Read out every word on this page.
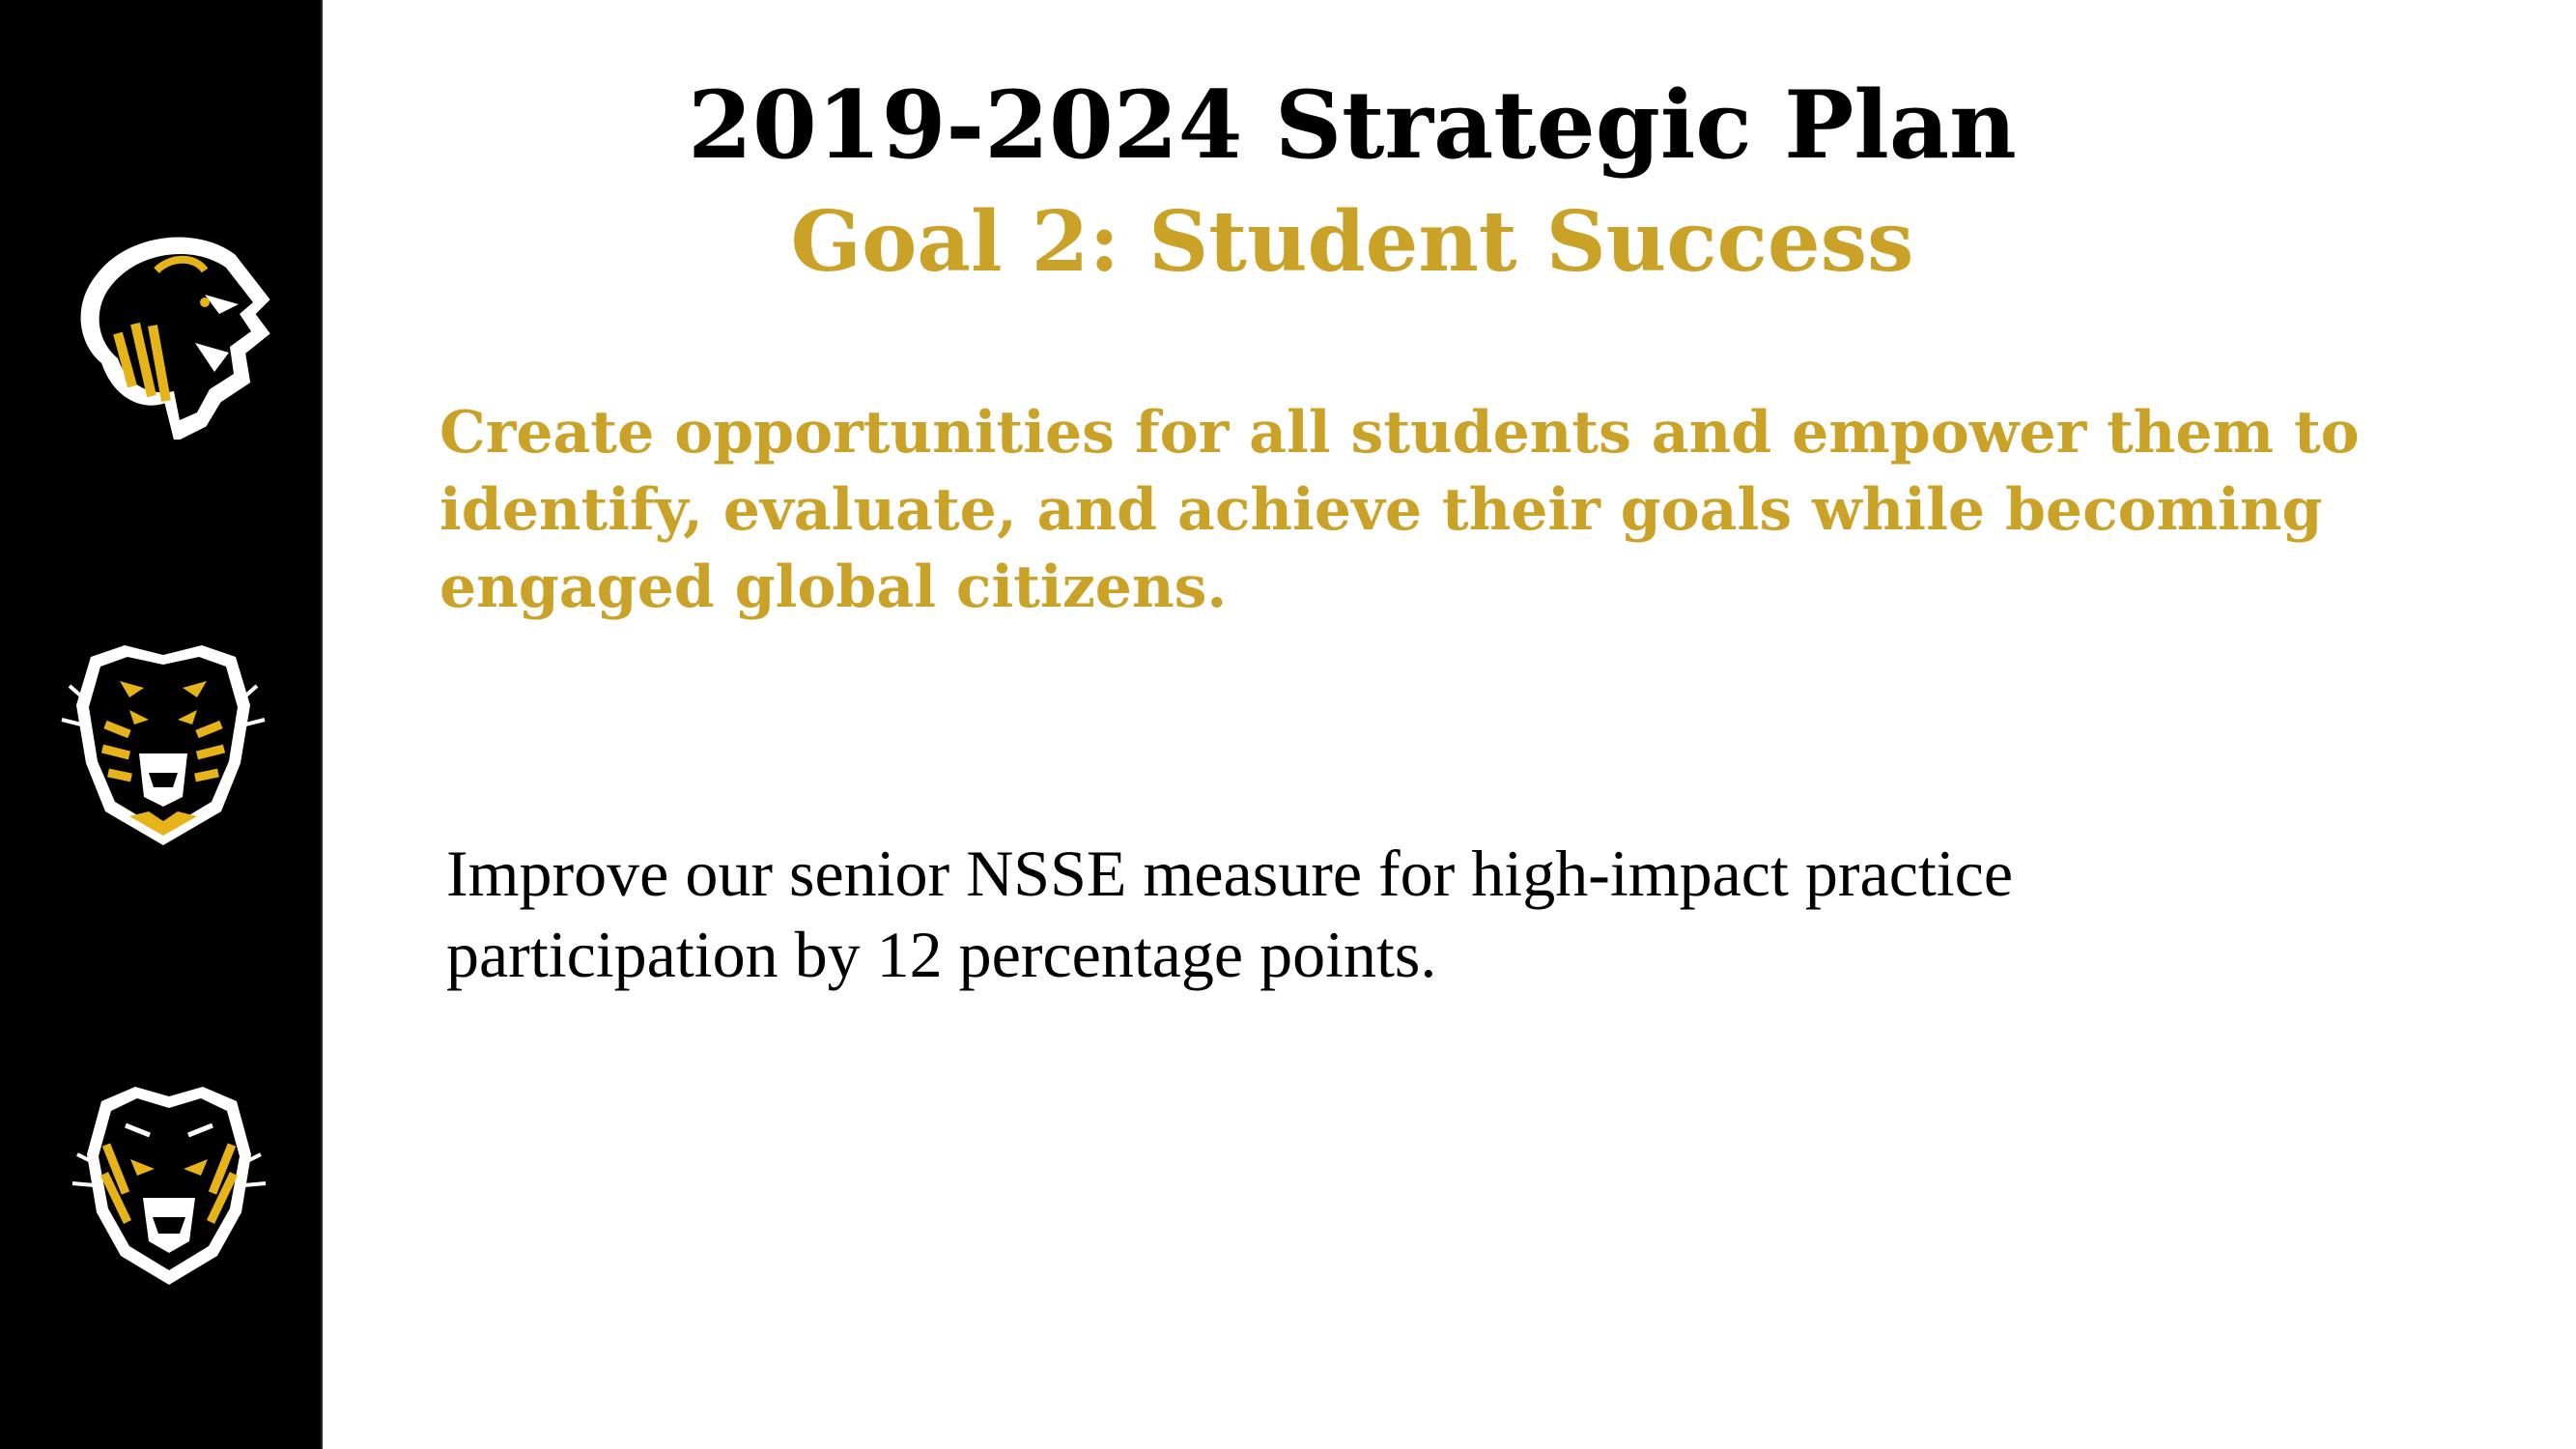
2019-2024 Strategic Plan
Goal 2: Student Success

Create opportunities for all students and empower them to identify, evaluate, and achieve their goals while becoming engaged global citizens.

Improve our senior NSSE measure for high-impact practice participation by 12 percentage points.
